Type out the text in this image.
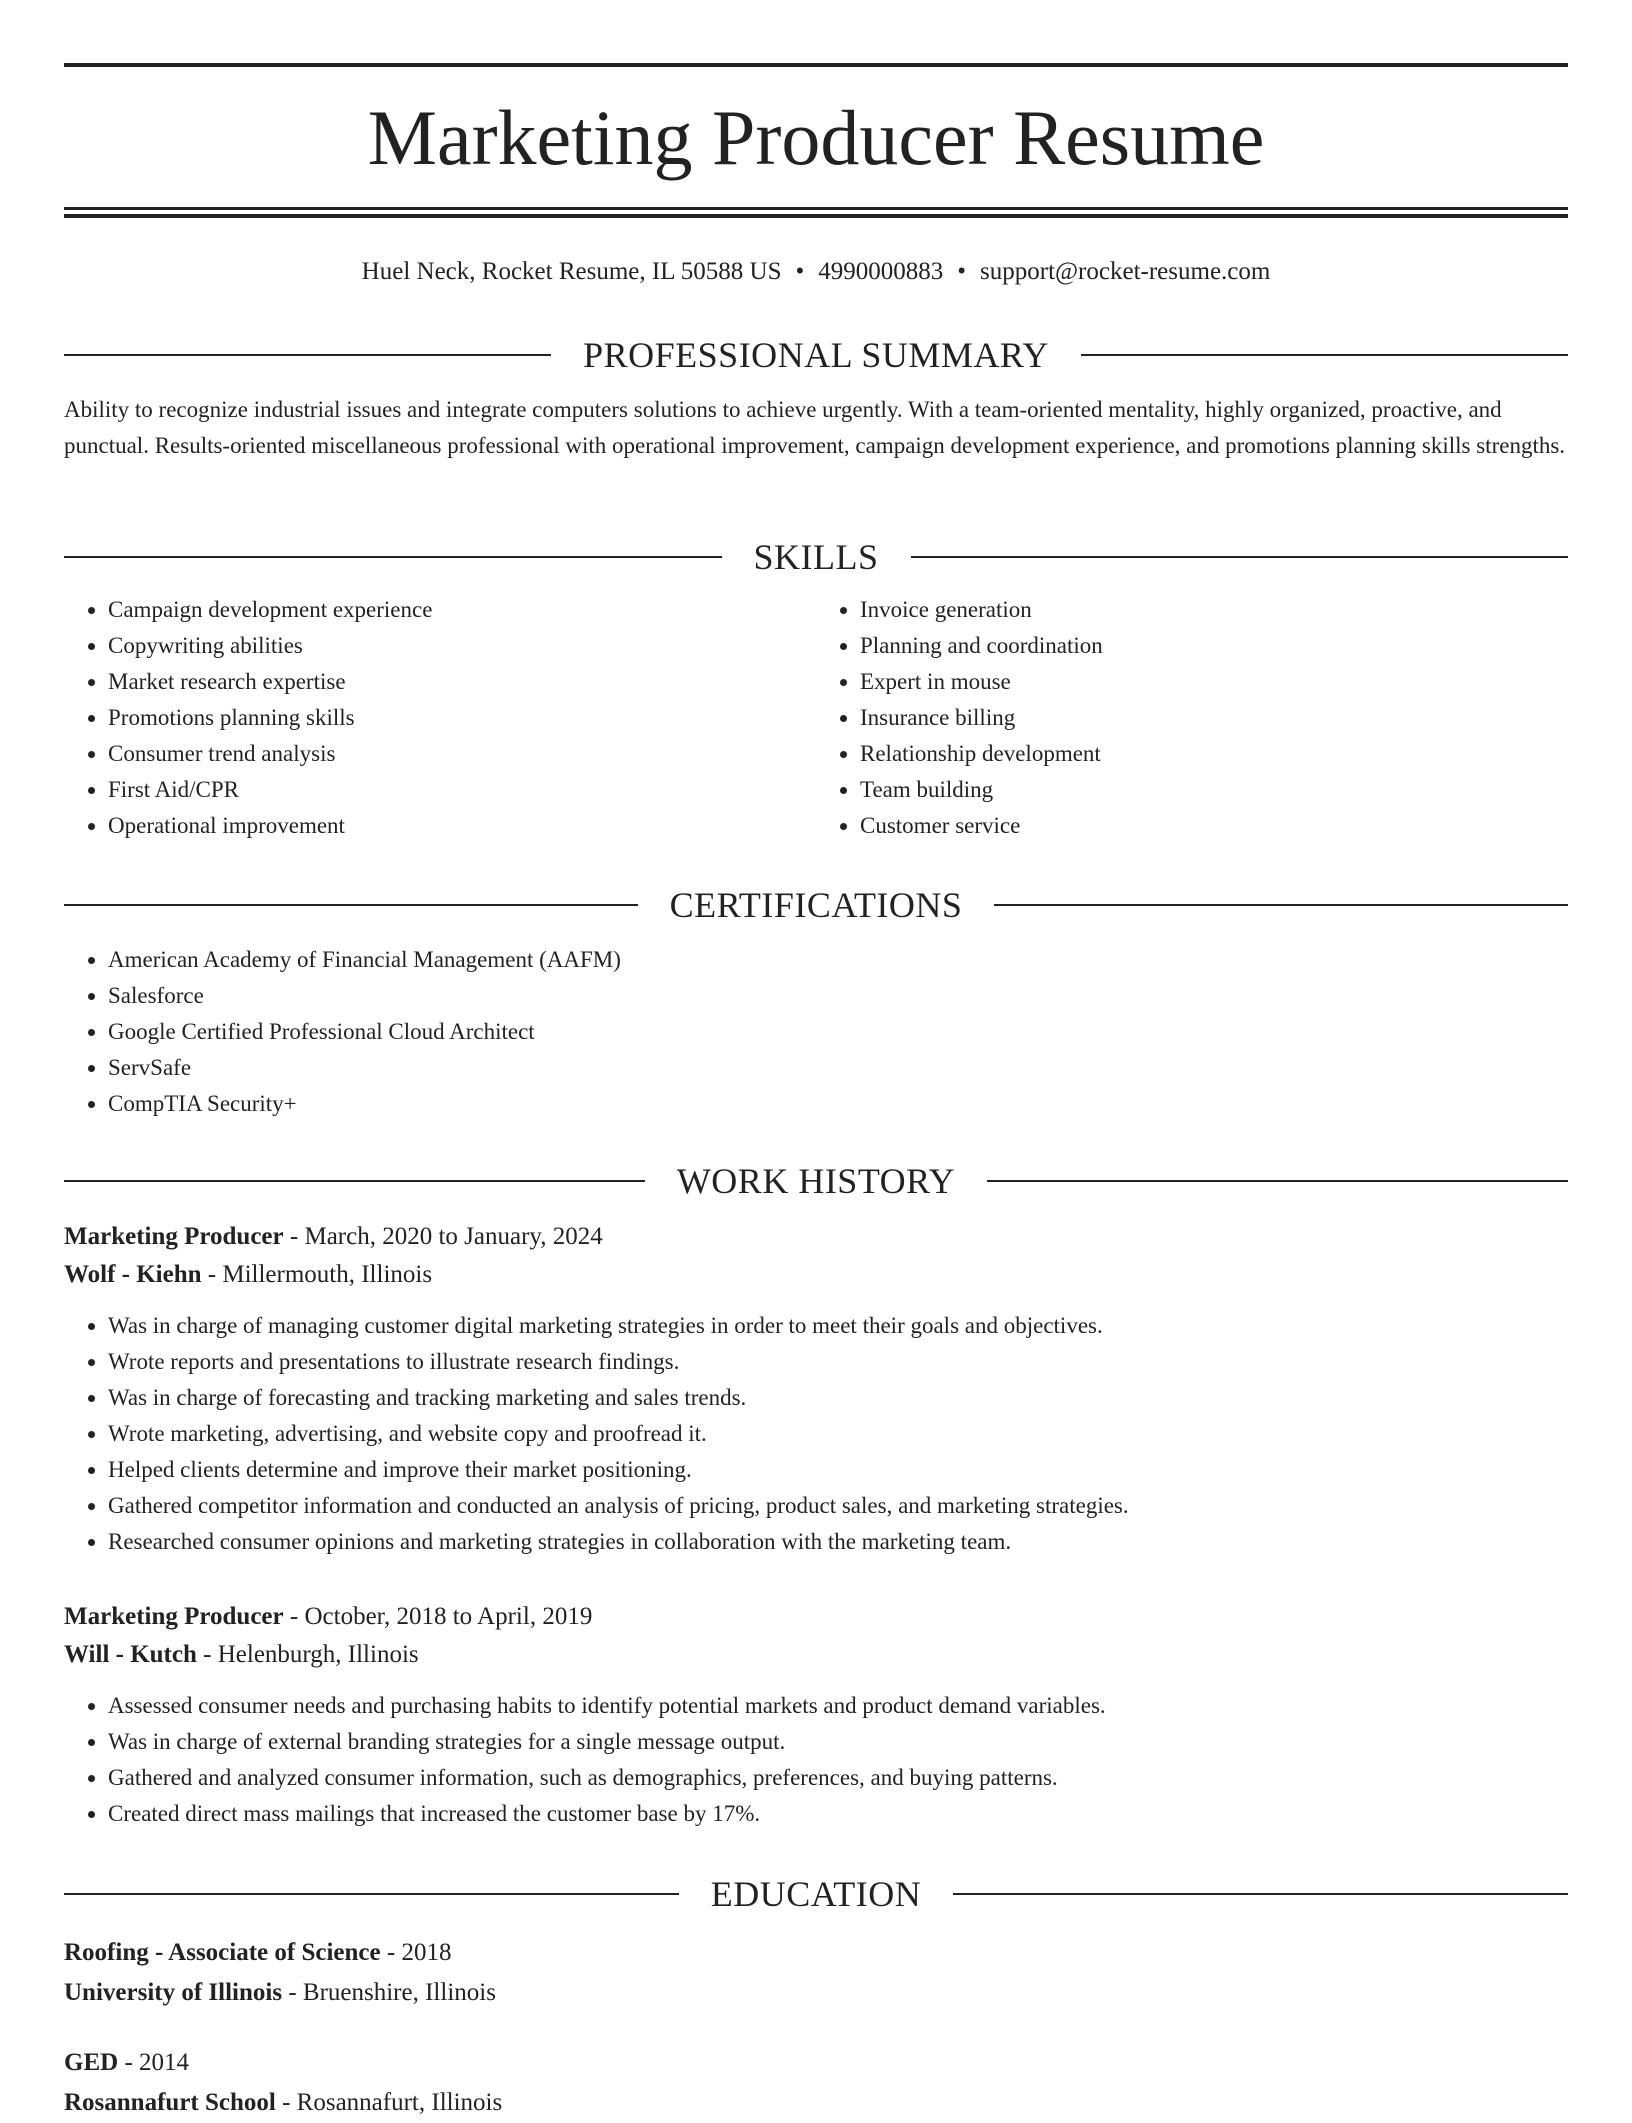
Marketing Producer Resume
Huel Neck, Rocket Resume, IL 50588 US • 4990000883 • support@rocket-resume.com
PROFESSIONAL SUMMARY

Ability to recognize industrial issues and integrate computers solutions to achieve urgently. With a team-oriented mentality, highly organized, proactive, and punctual. Results-oriented miscellaneous professional with operational improvement, campaign development experience, and promotions planning skills strengths.

SKILLS
• Campaign development experience
• Copywriting abilities
• Market research expertise
• Promotions planning skills
• Consumer trend analysis
• First Aid/CPR
• Operational improvement
• Invoice generation
• Planning and coordination
• Expert in mouse
• Insurance billing
• Relationship development
• Team building
• Customer service
CERTIFICATIONS
• American Academy of Financial Management (AAFM)
• Salesforce
• Google Certified Professional Cloud Architect
• ServSafe
• CompTIA Security+
WORK HISTORY
Marketing Producer - March, 2020 to January, 2024
Wolf - Kiehn - Millermouth, Illinois
• Was in charge of managing customer digital marketing strategies in order to meet their goals and objectives.
• Wrote reports and presentations to illustrate research findings.
• Was in charge of forecasting and tracking marketing and sales trends.
• Wrote marketing, advertising, and website copy and proofread it.
• Helped clients determine and improve their market positioning.
• Gathered competitor information and conducted an analysis of pricing, product sales, and marketing strategies.
• Researched consumer opinions and marketing strategies in collaboration with the marketing team.
Marketing Producer - October, 2018 to April, 2019
Will - Kutch - Helenburgh, Illinois
• Assessed consumer needs and purchasing habits to identify potential markets and product demand variables.
• Was in charge of external branding strategies for a single message output.
• Gathered and analyzed consumer information, such as demographics, preferences, and buying patterns.
• Created direct mass mailings that increased the customer base by 17%.
EDUCATION
Roofing - Associate of Science - 2018
University of Illinois - Bruenshire, Illinois
GED - 2014
Rosannafurt School - Rosannafurt, Illinois
